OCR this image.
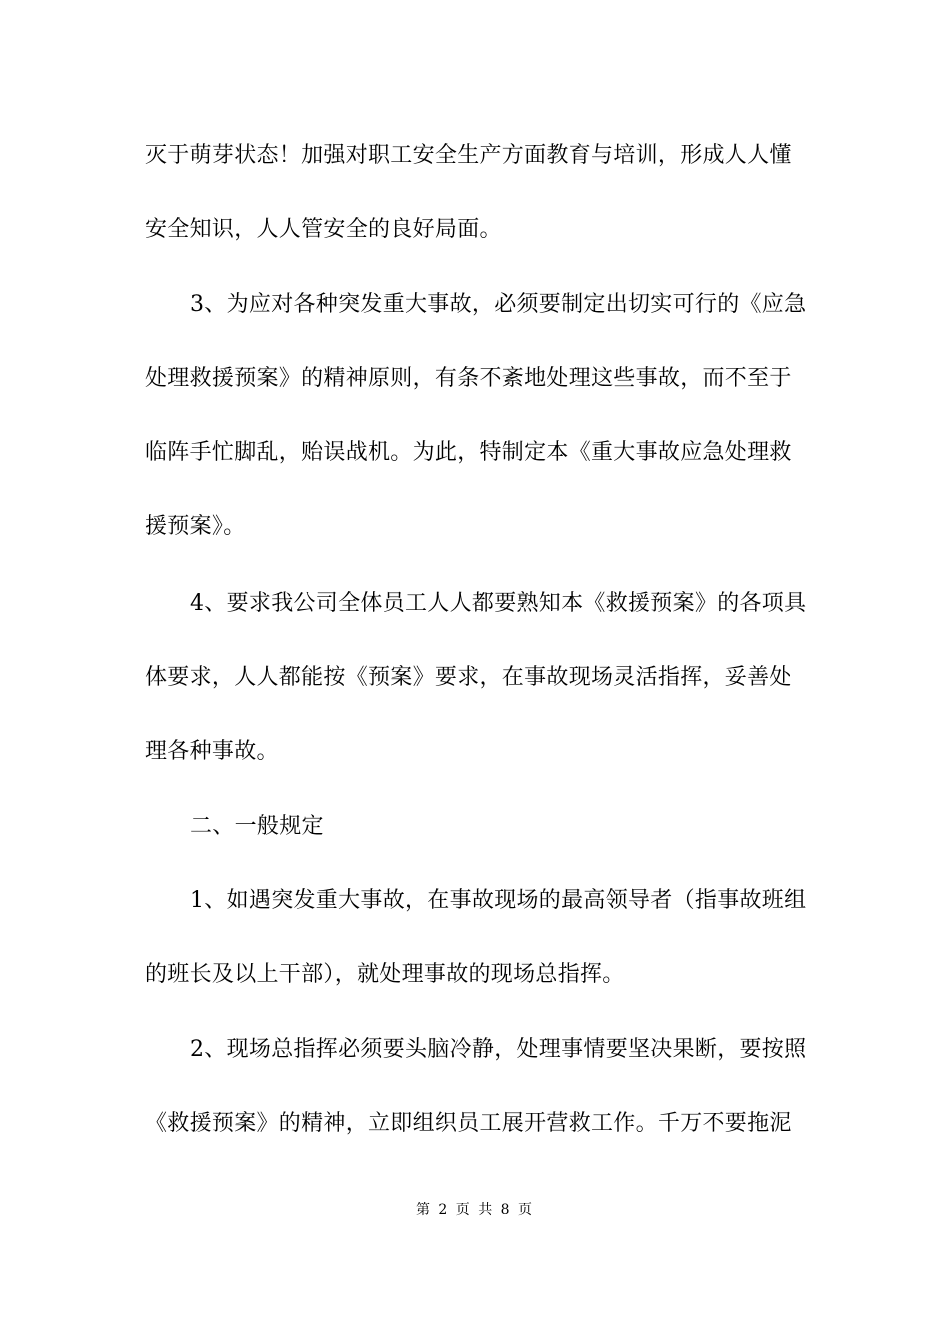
灭于萌芽状态！加强对职工安全生产方面教育与培训，形成人人懂
安全知识，人人管安全的良好局面。
3、为应对各种突发重大事故，必须要制定出切实可行的《应急
处理救援预案》的精神原则，有条不紊地处理这些事故，而不至于
临阵手忙脚乱，贻误战机。为此，特制定本《重大事故应急处理救
援预案》。
4、要求我公司全体员工人人都要熟知本《救援预案》的各项具
体要求，人人都能按《预案》要求，在事故现场灵活指挥，妥善处
理各种事故。
二、一般规定
1、如遇突发重大事故，在事故现场的最高领导者（指事故班组
的班长及以上干部），就处理事故的现场总指挥。
2、现场总指挥必须要头脑冷静，处理事情要坚决果断，要按照
《救援预案》的精神，立即组织员工展开营救工作。千万不要拖泥
第 2 页 共 8 页
